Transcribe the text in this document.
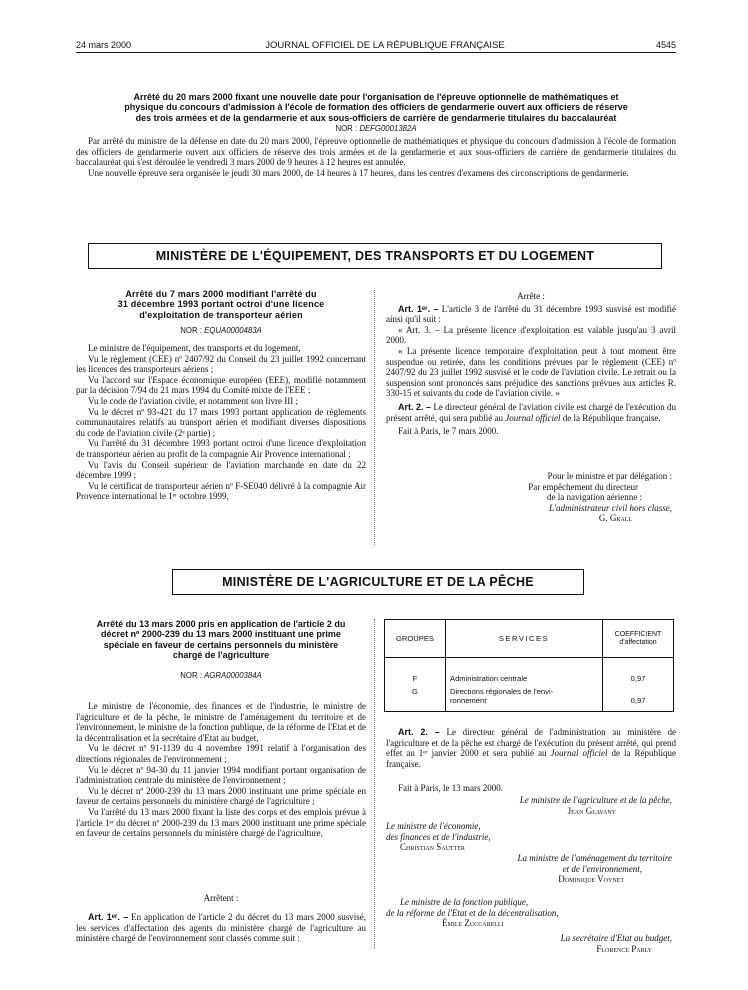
24 mars 2000	JOURNAL OFFICIEL DE LA RÉPUBLIQUE FRANÇAISE	4545
Arrêté du 20 mars 2000 fixant une nouvelle date pour l'organisation de l'épreuve optionnelle de mathématiques et
physique du concours d'admission à l'école de formation des officiers de gendarmerie ouvert aux officiers de réserve
des trois armées et de la gendarmerie et aux sous-officiers de carrière de gendarmerie titulaires du baccalauréat
NOR : DEFG0001382A

Par arrêté du ministre de la défense en date du 20 mars 2000, l'épreuve optionnelle de mathématiques et physique du concours d'admission à l'école de formation des officiers de gendarmerie ouvert aux officiers de réserve des trois armées et de la gendarmerie et aux sous-officiers de carrière de gendarmerie titulaires du baccalauréat qui s'est déroulée le vendredi 3 mars 2000 de 9 heures à 12 heures est annulée.

Une nouvelle épreuve sera organisée le jeudi 30 mars 2000, de 14 heures à 17 heures, dans les centres d'examens des circonscriptions de gendarmerie.

MINISTÈRE DE L'ÉQUIPEMENT, DES TRANSPORTS ET DU LOGEMENT
Arrêté du 7 mars 2000 modifiant l'arrêté du
31 décembre 1993 portant octroi d'une licence
d'exploitation de transporteur aérien
NOR : EQUA0000483A

Le ministre de l'équipement, des transports et du logement,

Vu le règlement (CEE) nº 2407/92 du Conseil du 23 juillet 1992 concernant les licences des transporteurs aériens ;

Vu l'accord sur l'Espace économique européen (EEE), modifié notamment par la décision 7/94 du 21 mars 1994 du Comité mixte de l'EEE ;

Vu le code de l'aviation civile, et notamment son livre III ;

Vu le décret nº 93-421 du 17 mars 1993 portant application de règlements communautaires relatifs au transport aérien et modifiant diverses dispositions du code de l'aviation civile (2ᵉ partie) ;

Vu l'arrêté du 31 décembre 1993 portant octroi d'une licence d'exploitation de transporteur aérien au profit de la compagnie Air Provence international ;

Vu l'avis du Conseil supérieur de l'aviation marchande en date du 22 décembre 1999 ;

Vu le certificat de transporteur aérien nº F-SE040 délivré à la compagnie Air Provence international le 1ᵉʳ octobre 1999,

Arrête :

Art. 1ᵉʳ. – L'article 3 de l'arrêté du 31 décembre 1993 susvisé est modifié ainsi qu'il suit :

« Art. 3. – La présente licence d'exploitation est valable jusqu'au 3 avril 2000.

« La présente licence temporaire d'exploitation peut à tout moment être suspendue ou retirée, dans les conditions prévues par le règlement (CEE) nº 2407/92 du 23 juillet 1992 susvisé et le code de l'aviation civile. Le retrait ou la suspension sont prononcés sans préjudice des sanctions prévues aux articles R. 330-15 et suivants du code de l'aviation civile. »

Art. 2. – Le directeur général de l'aviation civile est chargé de l'exécution du présent arrêté, qui sera publié au Journal officiel de la République française.

Fait à Paris, le 7 mars 2000.

Pour le ministre et par délégation :
Par empêchement du directeur
de la navigation aérienne :
L'administrateur civil hors classe,
G. Grall
MINISTÈRE DE L'AGRICULTURE ET DE LA PÊCHE
Arrêté du 13 mars 2000 pris en application de l'article 2 du
décret nº 2000-239 du 13 mars 2000 instituant une prime
spéciale en faveur de certains personnels du ministère
chargé de l'agriculture
NOR : AGRA0000384A

Le ministre de l'économie, des finances et de l'industrie, le ministre de l'agriculture et de la pêche, le ministre de l'aménagement du territoire et de l'environnement, le ministre de la fonction publique, de la réforme de l'Etat et de la décentralisation et la secrétaire d'Etat au budget,

Vu le décret nº 91-1139 du 4 novembre 1991 relatif à l'organisation des directions régionales de l'environnement ;

Vu le décret nº 94-30 du 11 janvier 1994 modifiant portant organisation de l'administration centrale du ministère de l'environnement ;

Vu le décret nº 2000-239 du 13 mars 2000 instituant une prime spéciale en faveur de certains personnels du ministère chargé de l'agriculture ;

Vu l'arrêté du 13 mars 2000 fixant la liste des corps et des emplois prévue à l'article 1ᵉʳ du décret nº 2000-239 du 13 mars 2000 instituant une prime spéciale en faveur de certains personnels du ministère chargé de l'agriculture,

Arrêtent :

Art. 1ᵉʳ. – En application de l'article 2 du décret du 13 mars 2000 susvisé, les services d'affectation des agents du ministère chargé de l'agriculture au ministère chargé de l'environnement sont classés comme suit :

GROUPES	SERVICES	COEFFICIENT
d'affectation

F	Administration centrale	0,97
G	Directions régionales de l'envi-
ronnement	0,97

Art. 2. – Le directeur général de l'administration au ministère de l'agriculture et de la pêche est chargé de l'exécution du présent arrêté, qui prend effet au 1ᵉʳ janvier 2000 et sera publié au Journal officiel de la République française.

Fait à Paris, le 13 mars 2000.

Le ministre de l'agriculture et de la pêche,
Jean Glavany
Le ministre de l'économie,
des finances et de l'industrie,
Christian Sautter
La ministre de l'aménagement du territoire
et de l'environnement,
Dominique Voynet
Le ministre de la fonction publique,
de la réforme de l'Etat et de la décentralisation,
Émile Zuccarelli
La secrétaire d'Etat au budget,
Florence Parly
